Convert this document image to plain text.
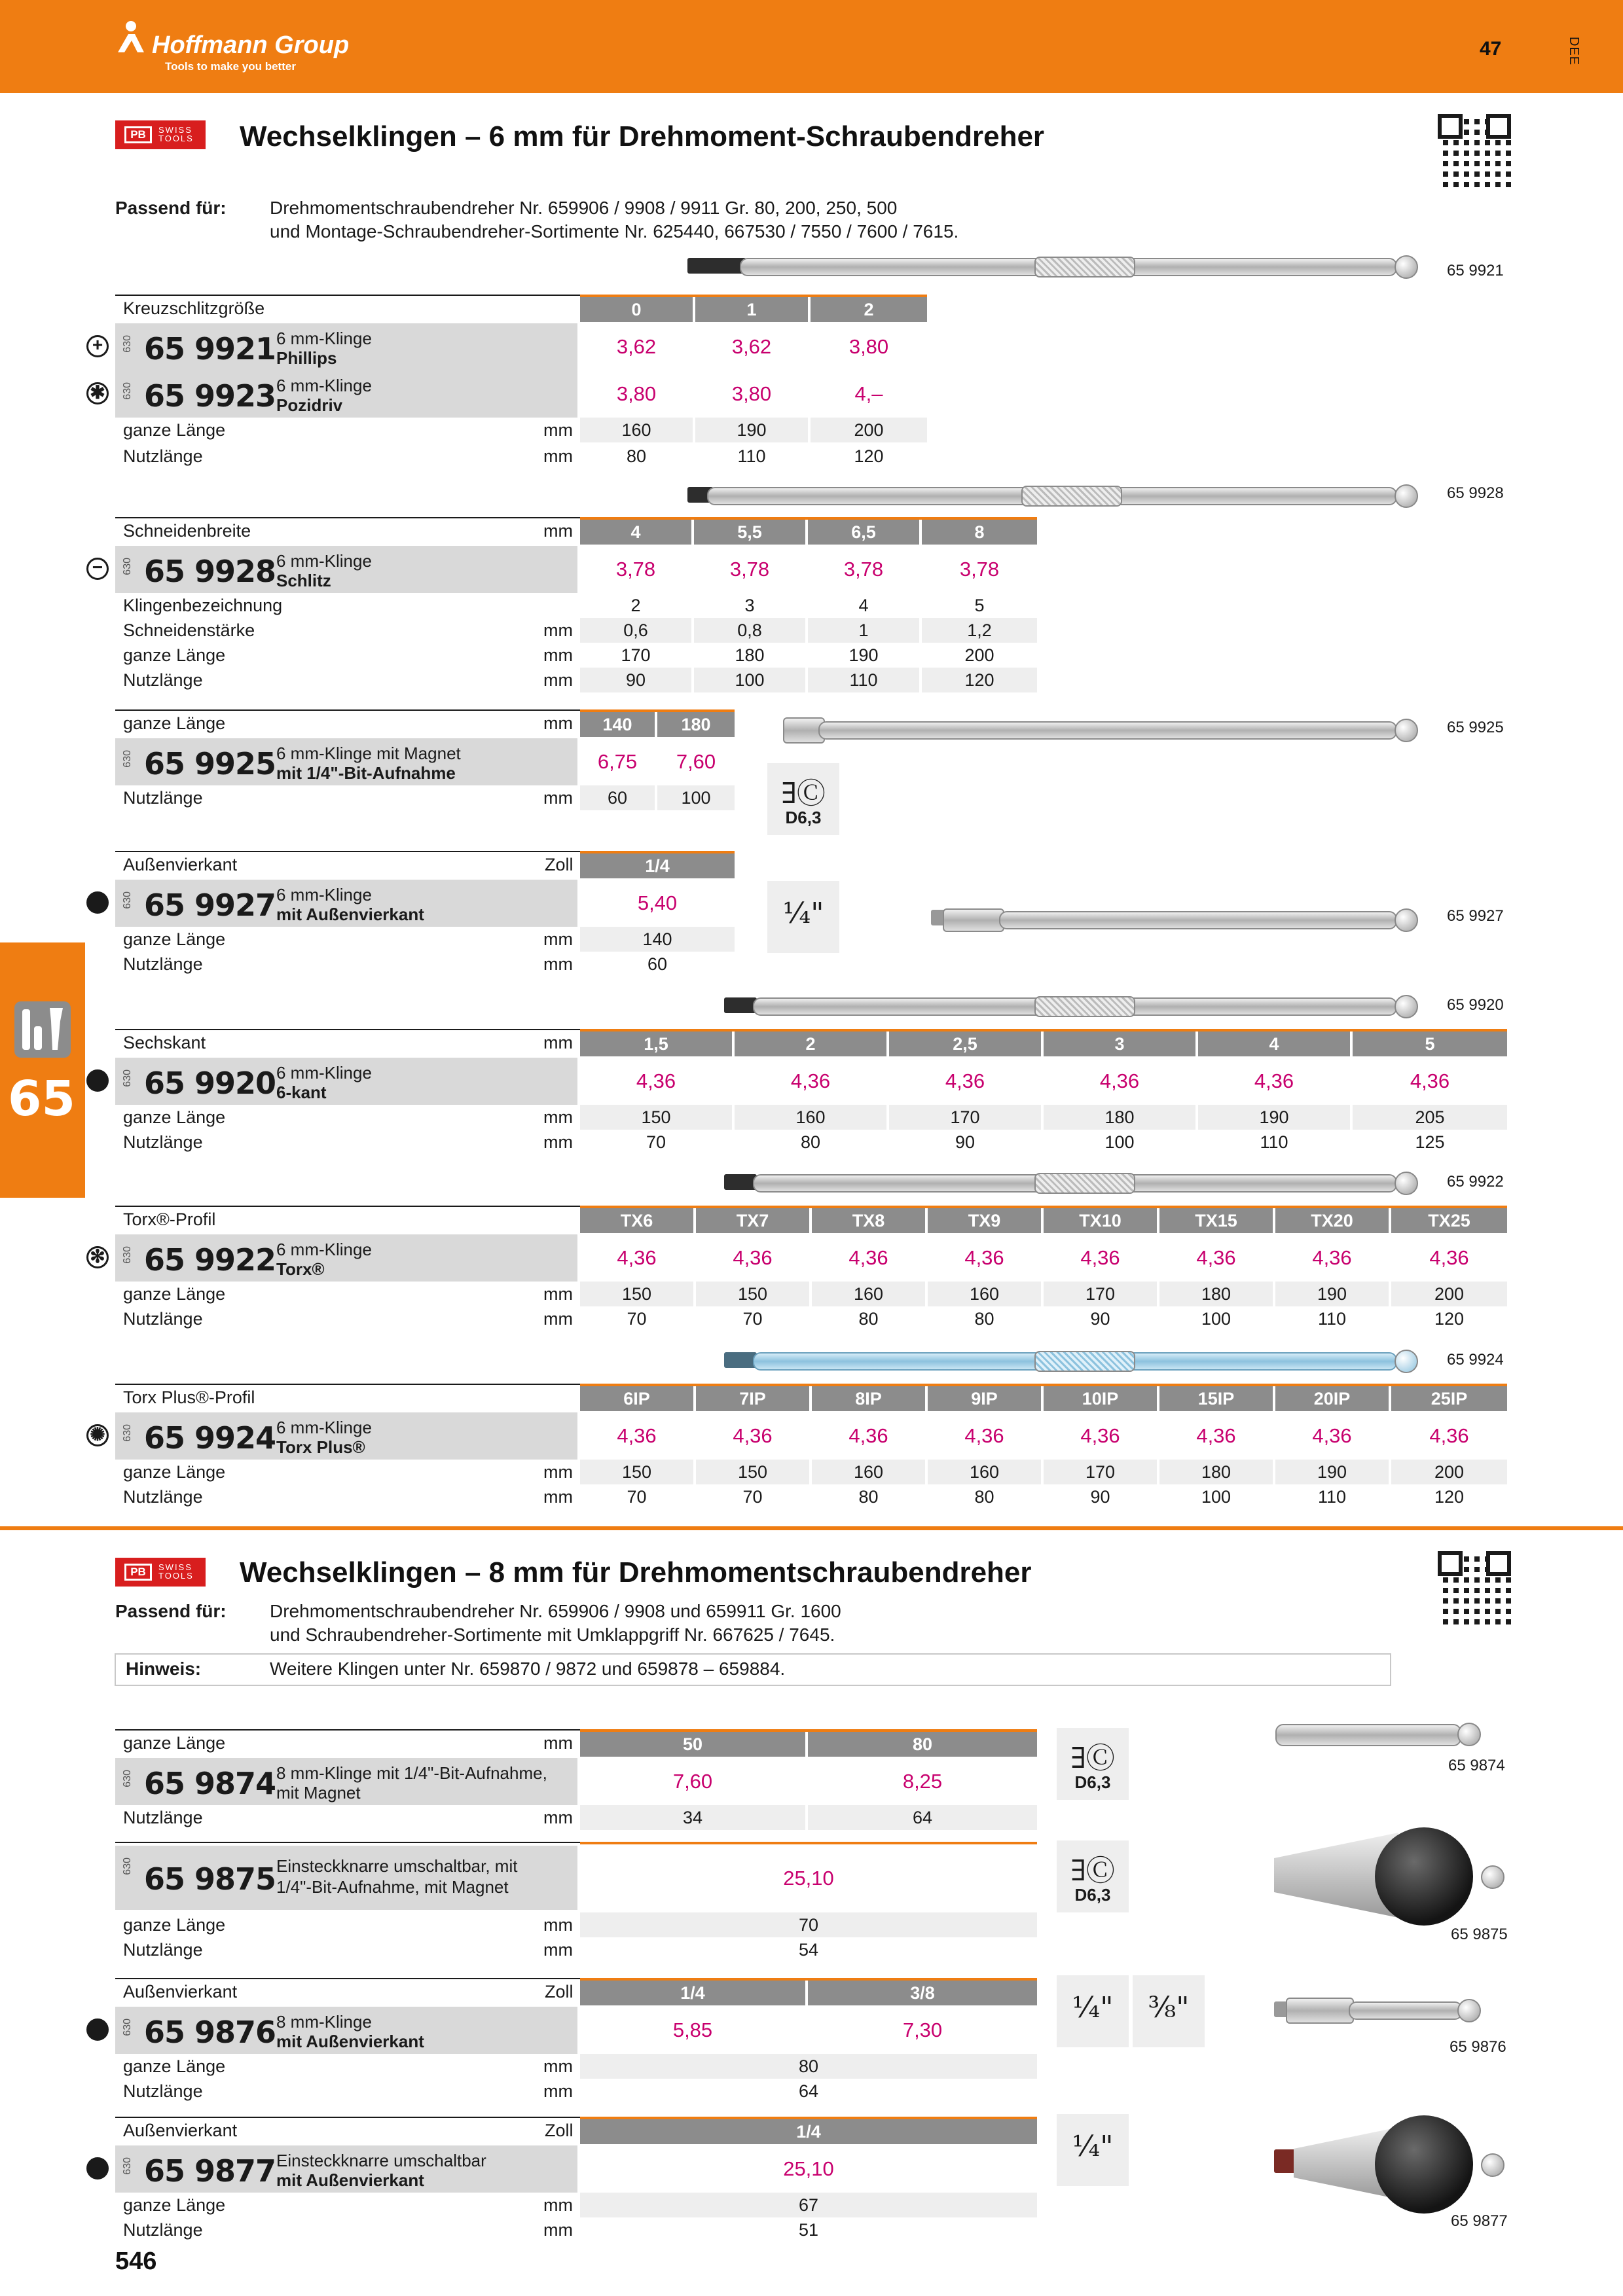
Hoffmann Group
Tools to make you better
47	DEE
65
PB	SWISS
TOOLS Wechselklingen – 6 mm für Drehmoment-Schraubendreher
Passend für: Drehmomentschraubendreher Nr. 659906 / 9908 / 9911 Gr. 80, 200, 250, 500
und Montage-Schraubendreher-Sortimente Nr. 625440, 667530 / 7550 / 7600 / 7615.
65 9921
Kreuzschlitzgröße	0	1	2
+	630 65 9921 6 mm-Klinge
Phillips	3,62	3,62	3,80
✱ 630 65 9923 6 mm-Klinge
Pozidriv	3,80	3,80	4,–
ganze Länge	mm	160	190	200
Nutzlänge	mm	80	110	120
65 9928
Schneidenbreite	mm	4	5,5	6,5	8
−	630 65 9928 6 mm-Klinge
Schlitz	3,78	3,78	3,78	3,78
Klingenbezeichnung	2	3	4	5
Schneidenstärke	mm	0,6	0,8	1	1,2
ganze Länge	mm	170	180	190	200
Nutzlänge	mm	90	100	110	120
ganze Länge	mm	140	180
630 65 9925 6 mm-Klinge mit Magnet
mit 1/4"-Bit-Aufnahme	6,75	7,60
Nutzlänge	mm	60	100	∃Ⓒ
D6,3
65 9925
Außenvierkant	Zoll	1/4
630 65 9927 6 mm-Klinge
mit Außenvierkant	5,40
ganze Länge	mm	140
Nutzlänge	mm	60
¼"	65 9927
65 9920
Sechskant	mm	1,5	2	2,5	3	4	5
630 65 9920 6 mm-Klinge
6-kant	4,36	4,36	4,36	4,36	4,36	4,36
ganze Länge	mm	150	160	170	180	190	205
Nutzlänge	mm	70	80	90	100	110	125
65 9922
Torx®-Profil	TX6	TX7	TX8	TX9	TX10	TX15	TX20	TX25
✻ 630 65 9922 6 mm-Klinge
Torx®	4,36	4,36	4,36	4,36	4,36	4,36	4,36	4,36
ganze Länge	mm	150	150	160	160	170	180	190	200
Nutzlänge	mm	70	70	80	80	90	100	110	120
65 9924
Torx Plus®-Profil	6IP	7IP	8IP	9IP	10IP	15IP	20IP	25IP
✺ 630 65 9924 6 mm-Klinge
Torx Plus®	4,36	4,36	4,36	4,36	4,36	4,36	4,36	4,36
ganze Länge	mm	150	150	160	160	170	180	190	200
Nutzlänge	mm	70	70	80	80	90	100	110	120
PB	SWISS
TOOLS Wechselklingen – 8 mm für Drehmomentschraubendreher
Passend für: Drehmomentschraubendreher Nr. 659906 / 9908 und 659911 Gr. 1600
und Schraubendreher-Sortimente mit Umklappgriff Nr. 667625 / 7645.
Hinweis:	Weitere Klingen unter Nr. 659870 / 9872 und 659878 – 659884.
ganze Länge	mm	50	80
630 65 9874 8 mm-Klinge mit 1/4"-Bit-Aufnahme,
mit Magnet	7,60	8,25
Nutzlänge	mm	34	64
∃Ⓒ
D6,3
65 9874
630 65 9875 Einsteckknarre umschaltbar, mit
1/4"-Bit-Aufnahme, mit Magnet	25,10
ganze Länge	mm	70
Nutzlänge	mm	54
∃Ⓒ
D6,3
65 9875
Außenvierkant	Zoll	1/4	3/8
630 65 9876 8 mm-Klinge
mit Außenvierkant	5,85	7,30
ganze Länge	mm	80
Nutzlänge	mm	64
¼"	⅜"
65 9876
Außenvierkant	Zoll	1/4
630 65 9877 Einsteckknarre umschaltbar
mit Außenvierkant	25,10
ganze Länge	mm	67
Nutzlänge	mm	51
¼"
65 9877
546
